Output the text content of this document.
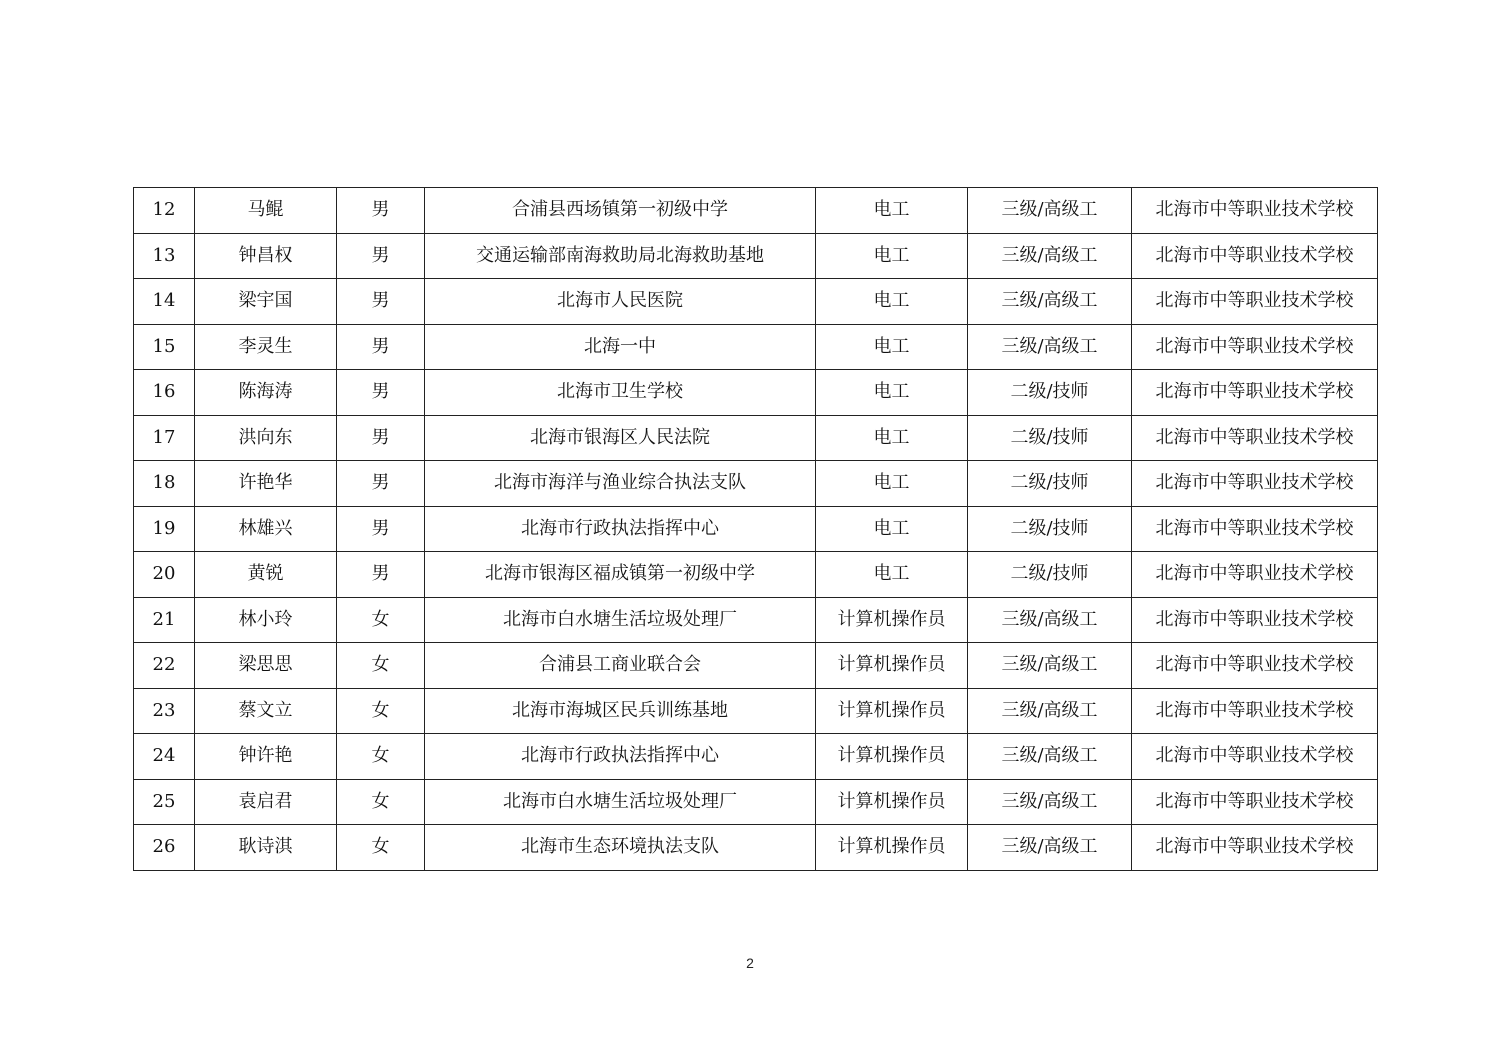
12	马鲲	男	合浦县西场镇第一初级中学	电工	三级/高级工	北海市中等职业技术学校
13	钟昌权	男	交通运输部南海救助局北海救助基地	电工	三级/高级工	北海市中等职业技术学校
14	梁宇国	男	北海市人民医院	电工	三级/高级工	北海市中等职业技术学校
15	李灵生	男	北海一中	电工	三级/高级工	北海市中等职业技术学校
16	陈海涛	男	北海市卫生学校	电工	二级/技师	北海市中等职业技术学校
17	洪向东	男	北海市银海区人民法院	电工	二级/技师	北海市中等职业技术学校
18	许艳华	男	北海市海洋与渔业综合执法支队	电工	二级/技师	北海市中等职业技术学校
19	林雄兴	男	北海市行政执法指挥中心	电工	二级/技师	北海市中等职业技术学校
20	黄锐	男	北海市银海区福成镇第一初级中学	电工	二级/技师	北海市中等职业技术学校
21	林小玲	女	北海市白水塘生活垃圾处理厂	计算机操作员	三级/高级工	北海市中等职业技术学校
22	梁思思	女	合浦县工商业联合会	计算机操作员	三级/高级工	北海市中等职业技术学校
23	蔡文立	女	北海市海城区民兵训练基地	计算机操作员	三级/高级工	北海市中等职业技术学校
24	钟许艳	女	北海市行政执法指挥中心	计算机操作员	三级/高级工	北海市中等职业技术学校
25	袁启君	女	北海市白水塘生活垃圾处理厂	计算机操作员	三级/高级工	北海市中等职业技术学校
26	耿诗淇	女	北海市生态环境执法支队	计算机操作员	三级/高级工	北海市中等职业技术学校
2
